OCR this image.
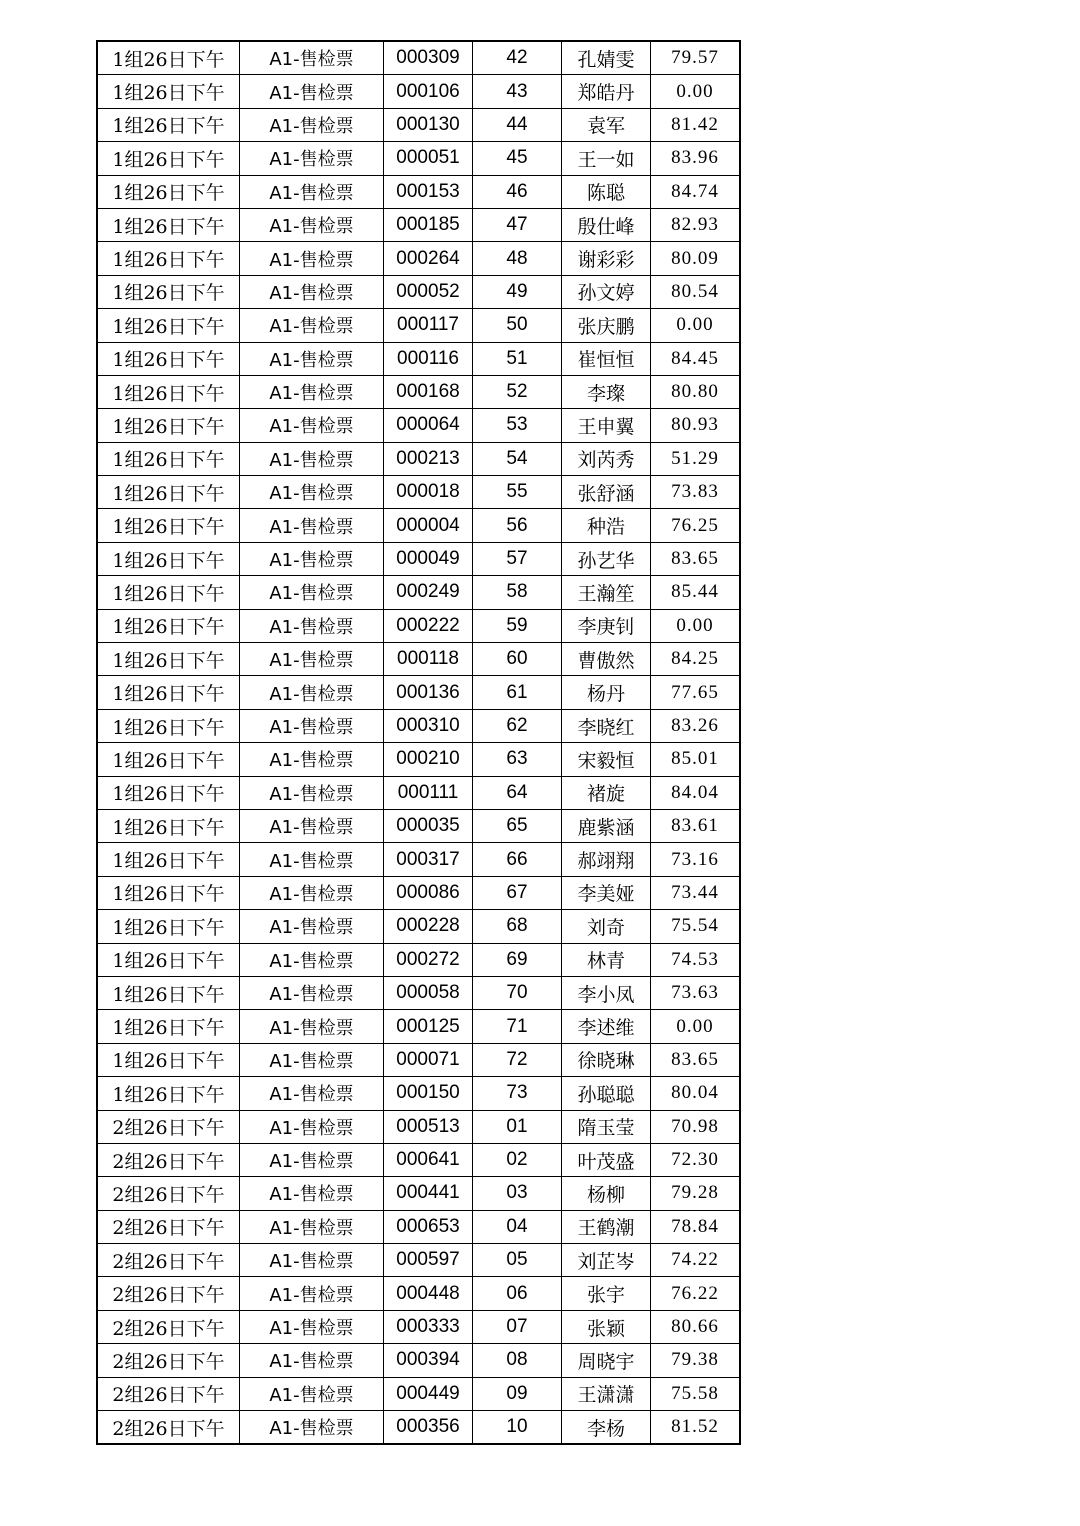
1组26日下午	A1-售检票	000309	42	孔婧雯	79.57
1组26日下午	A1-售检票	000106	43	郑皓丹	0.00
1组26日下午	A1-售检票	000130	44	袁军	81.42
1组26日下午	A1-售检票	000051	45	王一如	83.96
1组26日下午	A1-售检票	000153	46	陈聪	84.74
1组26日下午	A1-售检票	000185	47	殷仕峰	82.93
1组26日下午	A1-售检票	000264	48	谢彩彩	80.09
1组26日下午	A1-售检票	000052	49	孙文婷	80.54
1组26日下午	A1-售检票	000117	50	张庆鹏	0.00
1组26日下午	A1-售检票	000116	51	崔恒恒	84.45
1组26日下午	A1-售检票	000168	52	李璨	80.80
1组26日下午	A1-售检票	000064	53	王申翼	80.93
1组26日下午	A1-售检票	000213	54	刘芮秀	51.29
1组26日下午	A1-售检票	000018	55	张舒涵	73.83
1组26日下午	A1-售检票	000004	56	种浩	76.25
1组26日下午	A1-售检票	000049	57	孙艺华	83.65
1组26日下午	A1-售检票	000249	58	王瀚笙	85.44
1组26日下午	A1-售检票	000222	59	李庚钊	0.00
1组26日下午	A1-售检票	000118	60	曹傲然	84.25
1组26日下午	A1-售检票	000136	61	杨丹	77.65
1组26日下午	A1-售检票	000310	62	李晓红	83.26
1组26日下午	A1-售检票	000210	63	宋毅恒	85.01
1组26日下午	A1-售检票	000111	64	褚旋	84.04
1组26日下午	A1-售检票	000035	65	鹿紫涵	83.61
1组26日下午	A1-售检票	000317	66	郝翊翔	73.16
1组26日下午	A1-售检票	000086	67	李美娅	73.44
1组26日下午	A1-售检票	000228	68	刘奇	75.54
1组26日下午	A1-售检票	000272	69	林青	74.53
1组26日下午	A1-售检票	000058	70	李小凤	73.63
1组26日下午	A1-售检票	000125	71	李述维	0.00
1组26日下午	A1-售检票	000071	72	徐晓琳	83.65
1组26日下午	A1-售检票	000150	73	孙聪聪	80.04
2组26日下午	A1-售检票	000513	01	隋玉莹	70.98
2组26日下午	A1-售检票	000641	02	叶茂盛	72.30
2组26日下午	A1-售检票	000441	03	杨柳	79.28
2组26日下午	A1-售检票	000653	04	王鹤潮	78.84
2组26日下午	A1-售检票	000597	05	刘芷岑	74.22
2组26日下午	A1-售检票	000448	06	张宇	76.22
2组26日下午	A1-售检票	000333	07	张颖	80.66
2组26日下午	A1-售检票	000394	08	周晓宇	79.38
2组26日下午	A1-售检票	000449	09	王潇潇	75.58
2组26日下午	A1-售检票	000356	10	李杨	81.52
